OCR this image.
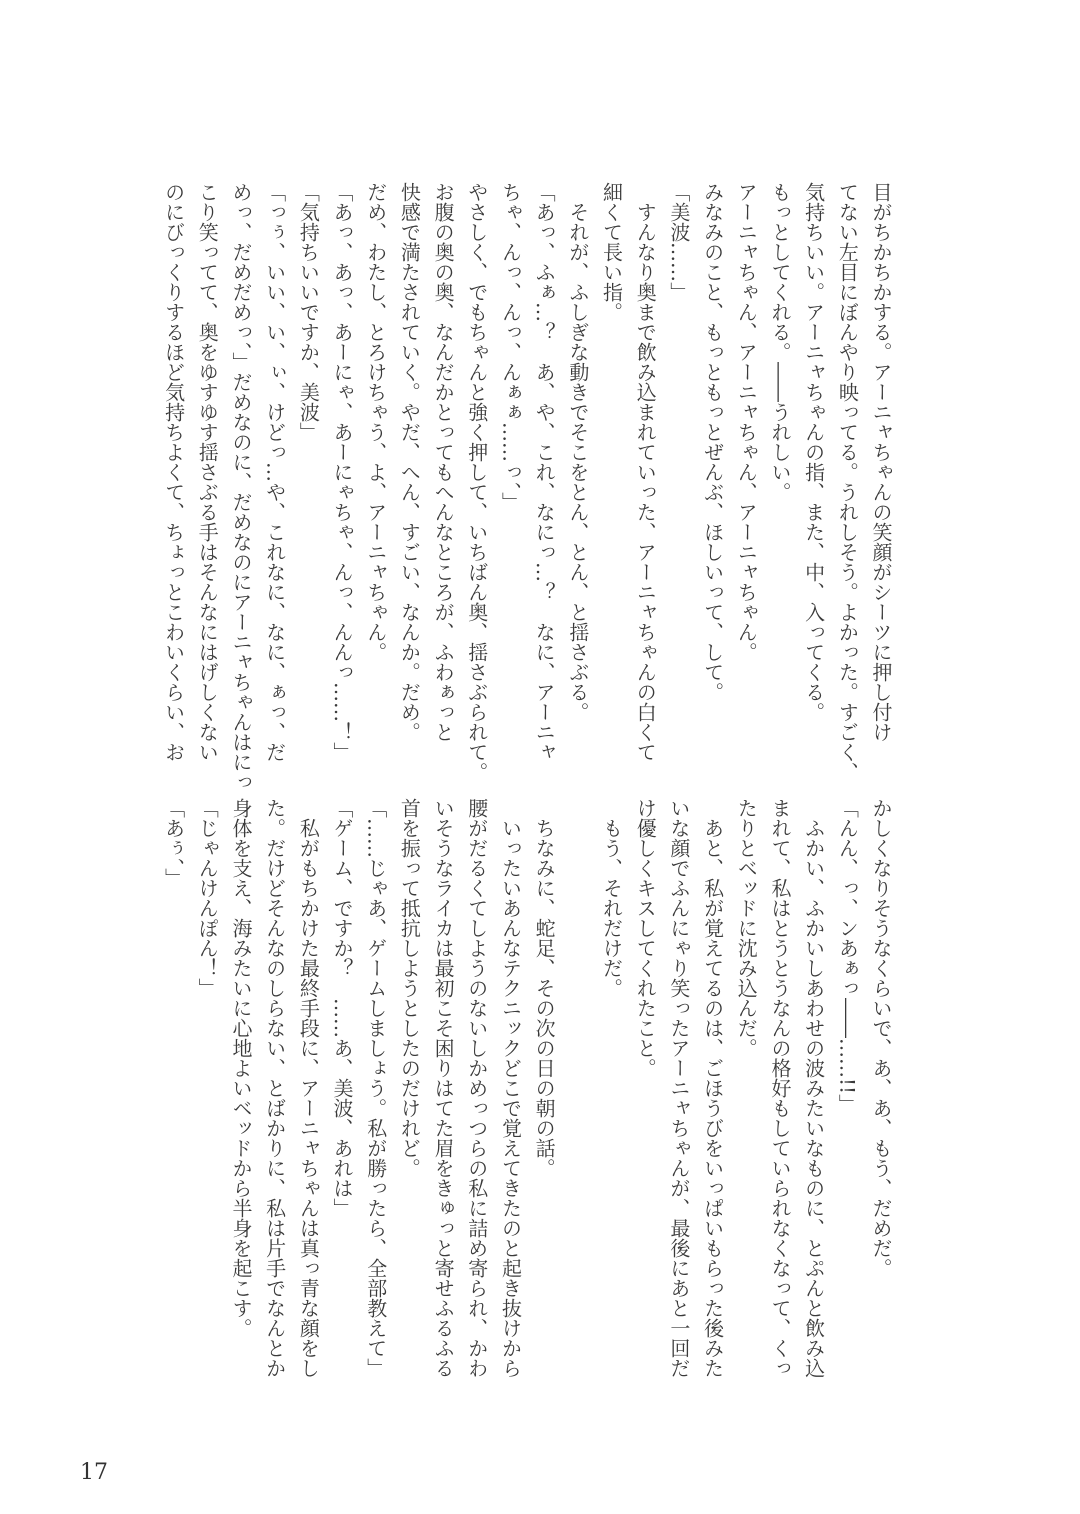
目がちかちかする。アーニャちゃんの笑顔がシーツに押し付け
てない左目にぼんやり映ってる。うれしそう。よかった。すごく、
気持ちいい。アーニャちゃんの指、また、中、入ってくる。
もっとしてくれる。――うれしい。
アーニャちゃん、アーニャちゃん、アーニャちゃん。
みなみのこと、もっともっとぜんぶ、ほしいって、して。
「美波……」
　すんなり奥まで飲み込まれていった、アーニャちゃんの白くて
細くて長い指。
　それが、ふしぎな動きでそこをとん、とん、と揺さぶる。
「あっ、ふぁ…？　あ、や、これ、なにっ…？　なに、アーニャ
ちゃ、んっ、んっ、んぁぁ……っ、」
やさしく、でもちゃんと強く押して、いちばん奥、揺さぶられて。
お腹の奥の奥、なんだかとってもへんなところが、ふわぁっと
快感で満たされていく。やだ、へん、すごい、なんか。だめ。
だめ、わたし、とろけちゃう、よ、アーニャちゃん。
「あっ、あっ、あーにゃ、あーにゃちゃ、んっ、んんっ……！」
「気持ちいいですか、美波」
「っぅ、いい、い、ぃ、けどっ…や、これなに、なに、ぁっ、だ
めっ、だめだめっ、」だめなのに、だめなのにアーニャちゃんはにっ
こり笑ってて、奥をゆすゆす揺さぶる手はそんなにはげしくない
のにびっくりするほど気持ちよくて、ちょっとこわいくらい、お
かしくなりそうなくらいで、あ、あ、もう、だめだ。
「んん、っ、ンあぁっ――……!!」
　ふかい、ふかいしあわせの波みたいなものに、とぷんと飲み込
まれて、私はとうとうなんの格好もしていられなくなって、くっ
たりとベッドに沈み込んだ。
　あと、私が覚えてるのは、ごほうびをいっぱいもらった後みた
いな顔でふんにゃり笑ったアーニャちゃんが、最後にあと一回だ
け優しくキスしてくれたこと。
　もう、それだけだ。
　ちなみに、蛇足、その次の日の朝の話。
　いったいあんなテクニックどこで覚えてきたのと起き抜けから
腰がだるくてしようのないしかめっつらの私に詰め寄られ、かわ
いそうなライカは最初こそ困りはてた眉をきゅっと寄せふるふる
首を振って抵抗しようとしたのだけれど。
「……じゃあ、ゲームしましょう。私が勝ったら、全部教えて」
「ゲーム、ですか？　……あ、美波、あれは」
　私がもちかけた最終手段に、アーニャちゃんは真っ青な顔をし
た。だけどそんなのしらない、とばかりに、私は片手でなんとか
身体を支え、海みたいに心地よいベッドから半身を起こす。
「じゃんけんぽん！」
「あぅ、」
17
